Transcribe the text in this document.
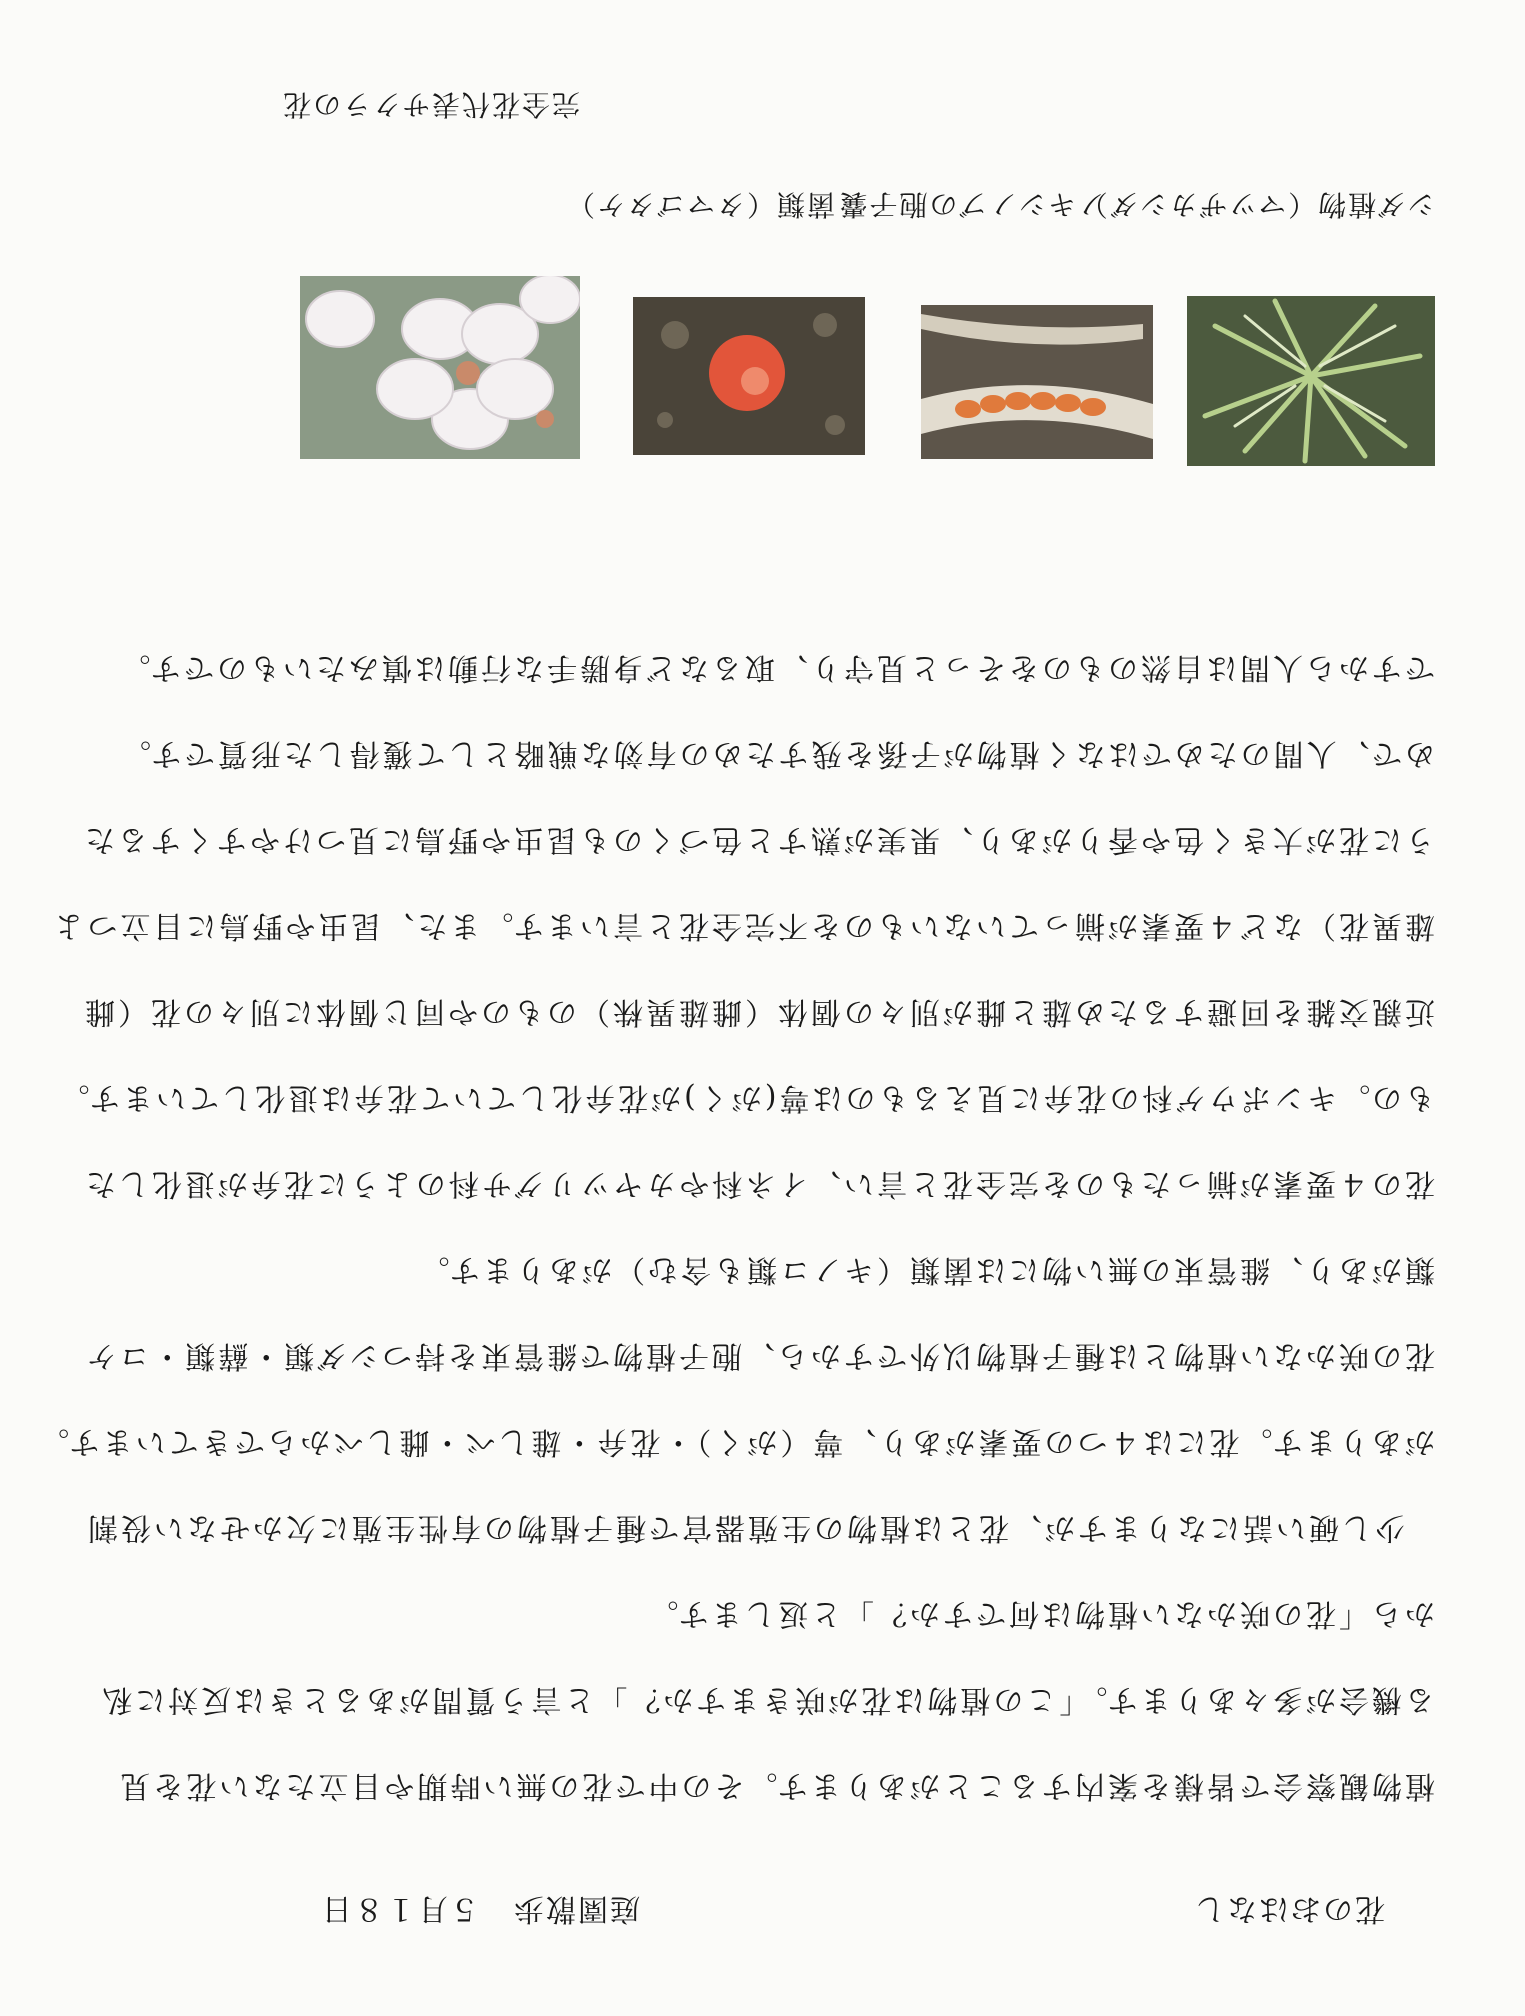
花のおはなし
庭園散歩　５月１８日

植物観察会で皆様を案内することがあります。その中で花の無い時期や目立たない花を見

る機会が多々あります。「この植物は花が咲きますか？」と言う質問があるときは反対に私

から「花の咲かない植物は何ですか？」と返します。

少し硬い話になりますが、花とは植物の生殖器官で種子植物の有性生殖に欠かせない役割

があります。花には４つの要素があり、萼（がく）・花弁・雄しべ・雌しべからできています。

花の咲かない植物とは種子植物以外ですから、胞子植物で維管束を持つシダ類・蘚類・コケ

類があり、維管束の無い物には菌類（キノコ類も含む）があります。

花の４要素が揃ったものを完全花と言い、イネ科やカヤツリグサ科のように花弁が退化した

もの。キンポウゲ科の花弁に見えるものは萼(がく)が花弁化していて花弁は退化しています。

近親交雑を回避するため雄と雌が別々の個体（雌雄異株）のものや同じ個体に別々の花（雌

雄異花）など４要素が揃っていないものを不完全花と言います。また、昆虫や野鳥に目立つよ

うに花が大きく色や香りがあり、果実が熟すと色づくのも昆虫や野鳥に見つけやすくするた

めで、人間のためではなく植物が子孫を残すための有効な戦略として獲得した形質です。

ですから人間は自然のものをそっと見守り、取るなど身勝手な行動は慎みたいものです。

シダ植物（マツザカシダ）
ノキシノブの胞子嚢
菌類（タマゴタケ）
完全花代表サクラの花
